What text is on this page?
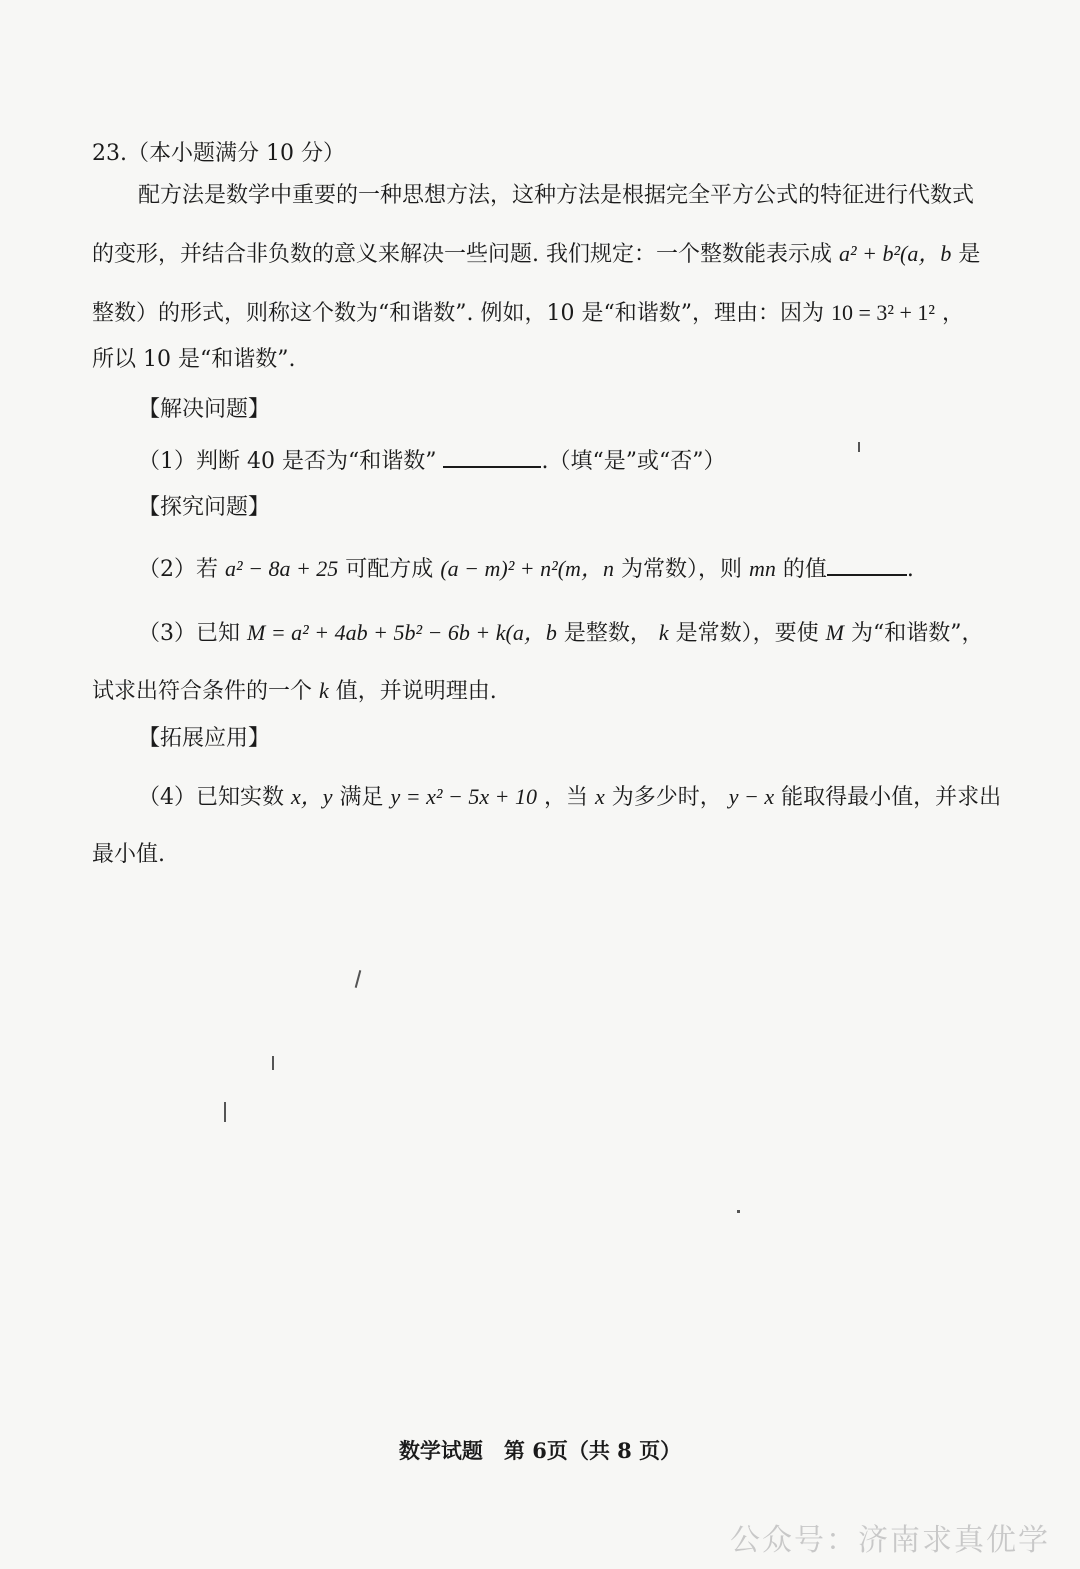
23.（本小题满分 10 分）
配方法是数学中重要的一种思想方法，这种方法是根据完全平方公式的特征进行代数式
的变形，并结合非负数的意义来解决一些问题. 我们规定：一个整数能表示成 a² + b²(a，b 是
整数）的形式，则称这个数为“和谐数”. 例如，10 是“和谐数”，理由：因为 10 = 3² + 1² ，
所以 10 是“和谐数”.
【解决问题】
（1）判断 40 是否为“和谐数”	.（填“是”或“否”）
【探究问题】
（2）若 a² − 8a + 25 可配方成 (a − m)² + n²(m，n 为常数），则 mn 的值	.
（3）已知 M = a² + 4ab + 5b² − 6b + k(a，b 是整数， k 是常数），要使 M 为“和谐数”，
试求出符合条件的一个 k 值，并说明理由.
【拓展应用】
（4）已知实数 x，y 满足 y = x² − 5x + 10 ，当 x 为多少时， y − x 能取得最小值，并求出
最小值.
数学试题　第 6页（共 8 页）
公众号：济南求真优学
